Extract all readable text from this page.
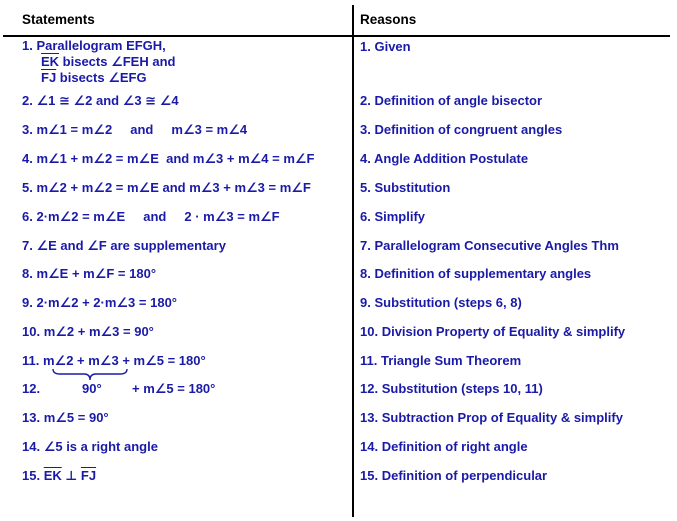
Statements	Reasons
1. Parallelogram EFGH,
$\overline{EK}$ bisects ∠FEH and
$\overline{FJ}$ bisects ∠EFG
2. ∠1 ≅ ∠2 and ∠3 ≅ ∠4
3. m∠1 = m∠2     and     m∠3 = m∠4
4. m∠1 + m∠2 = m∠E  and m∠3 + m∠4 = m∠F
5. m∠2 + m∠2 = m∠E and m∠3 + m∠3 = m∠F
6. 2·m∠2 = m∠E     and     2 · m∠3 = m∠F
7. ∠E and ∠F are supplementary
8. m∠E + m∠F = 180°
9. 2·m∠2 + 2·m∠3 = 180°
10. m∠2 + m∠3 = 90°
11. m∠2 + m∠3 + m∠5 = 180°
12.	90° + m∠5 = 180°
13. m∠5 = 90°
14. ∠5 is a right angle
15. $\overline{EK}$ ⊥ $\overline{FJ}$
1. Given
2. Definition of angle bisector
3. Definition of congruent angles
4. Angle Addition Postulate
5. Substitution
6. Simplify
7. Parallelogram Consecutive Angles Thm
8. Definition of supplementary angles
9. Substitution (steps 6, 8)
10. Division Property of Equality & simplify
11. Triangle Sum Theorem
12. Substitution (steps 10, 11)
13. Subtraction Prop of Equality & simplify
14. Definition of right angle
15. Definition of perpendicular
